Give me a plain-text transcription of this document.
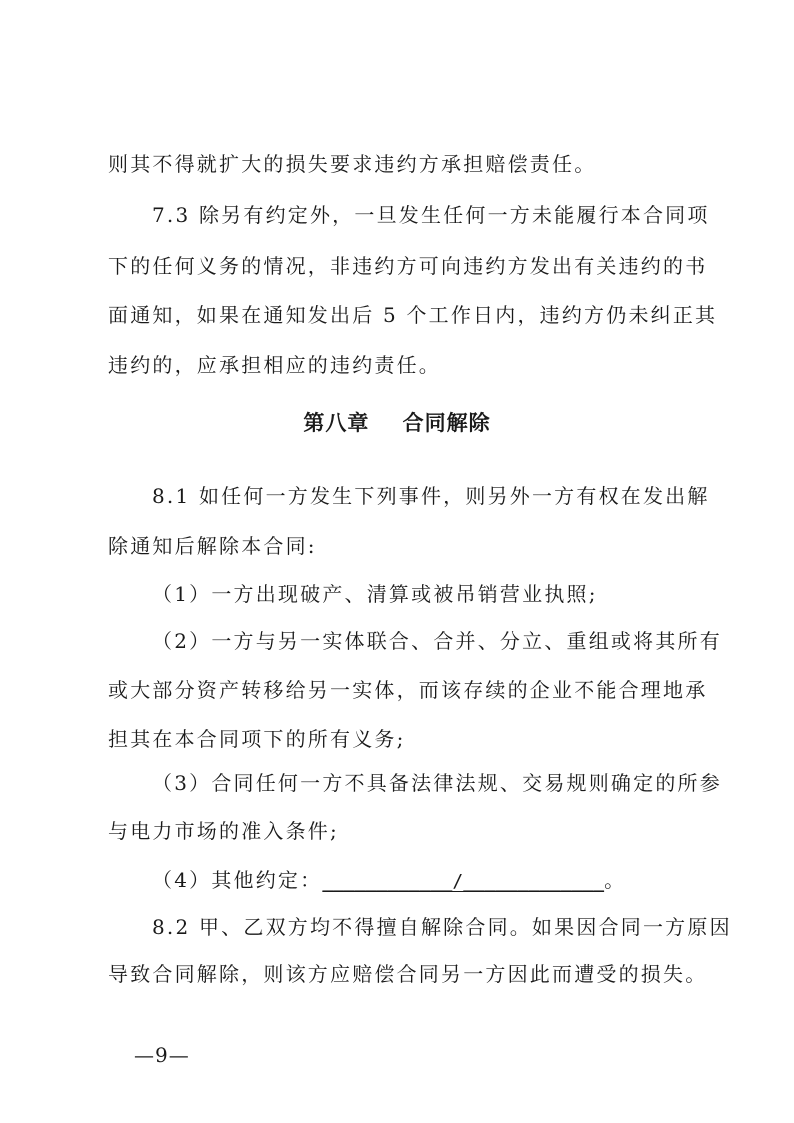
则其不得就扩大的损失要求违约方承担赔偿责任。

7.3 除另有约定外，一旦发生任何一方未能履行本合同项

下的任何义务的情况，非违约方可向违约方发出有关违约的书

面通知，如果在通知发出后 5 个工作日内，违约方仍未纠正其

违约的，应承担相应的违约责任。

第八章    合同解除

8.1 如任何一方发生下列事件，则另外一方有权在发出解

除通知后解除本合同:

（1）一方出现破产、清算或被吊销营业执照;

（2）一方与另一实体联合、合并、分立、重组或将其所有

或大部分资产转移给另一实体，而该存续的企业不能合理地承

担其在本合同项下的所有义务;

（3）合同任何一方不具备法律法规、交易规则确定的所参

与电力市场的准入条件;

（4）其他约定：____________/_____________。

8.2 甲、乙双方均不得擅自解除合同。如果因合同一方原因

导致合同解除，则该方应赔偿合同另一方因此而遭受的损失。

—9—
